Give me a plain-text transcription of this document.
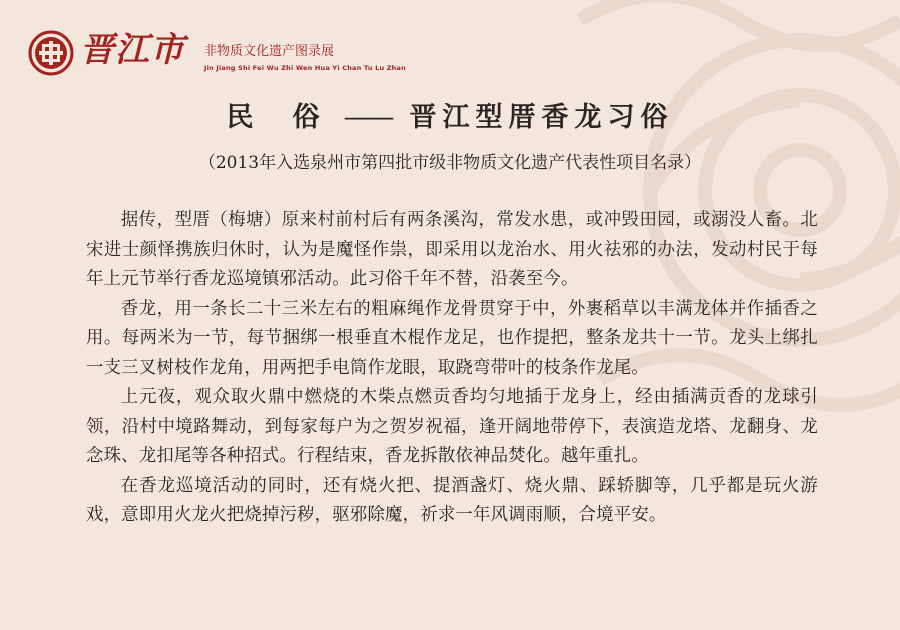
晋江市 非物质文化遗产图录展
Jin Jiang Shi Fei Wu Zhi Wen Hua Yi Chan Tu Lu Zhan
民　俗 —— 晋江型厝香龙习俗
（2013年入选泉州市第四批市级非物质文化遗产代表性项目名录）

据传，型厝（梅塘）原来村前村后有两条溪沟，常发水患，或冲毁田园，或溺没人畜。北宋进士颜怿携族归休时，认为是魔怪作祟，即采用以龙治水、用火祛邪的办法，发动村民于每年上元节举行香龙巡境镇邪活动。此习俗千年不替，沿袭至今。

香龙，用一条长二十三米左右的粗麻绳作龙骨贯穿于中，外裹稻草以丰满龙体并作插香之用。每两米为一节，每节捆绑一根垂直木棍作龙足，也作提把，整条龙共十一节。龙头上绑扎一支三叉树枝作龙角，用两把手电筒作龙眼，取跷弯带叶的枝条作龙尾。

上元夜，观众取火鼎中燃烧的木柴点燃贡香均匀地插于龙身上，经由插满贡香的龙球引领，沿村中境路舞动，到每家每户为之贺岁祝福，逢开阔地带停下，表演造龙塔、龙翻身、龙念珠、龙扣尾等各种招式。行程结束，香龙拆散依神品焚化。越年重扎。

在香龙巡境活动的同时，还有烧火把、提酒盏灯、烧火鼎、踩轿脚等，几乎都是玩火游戏，意即用火龙火把烧掉污秽，驱邪除魔，祈求一年风调雨顺，合境平安。
